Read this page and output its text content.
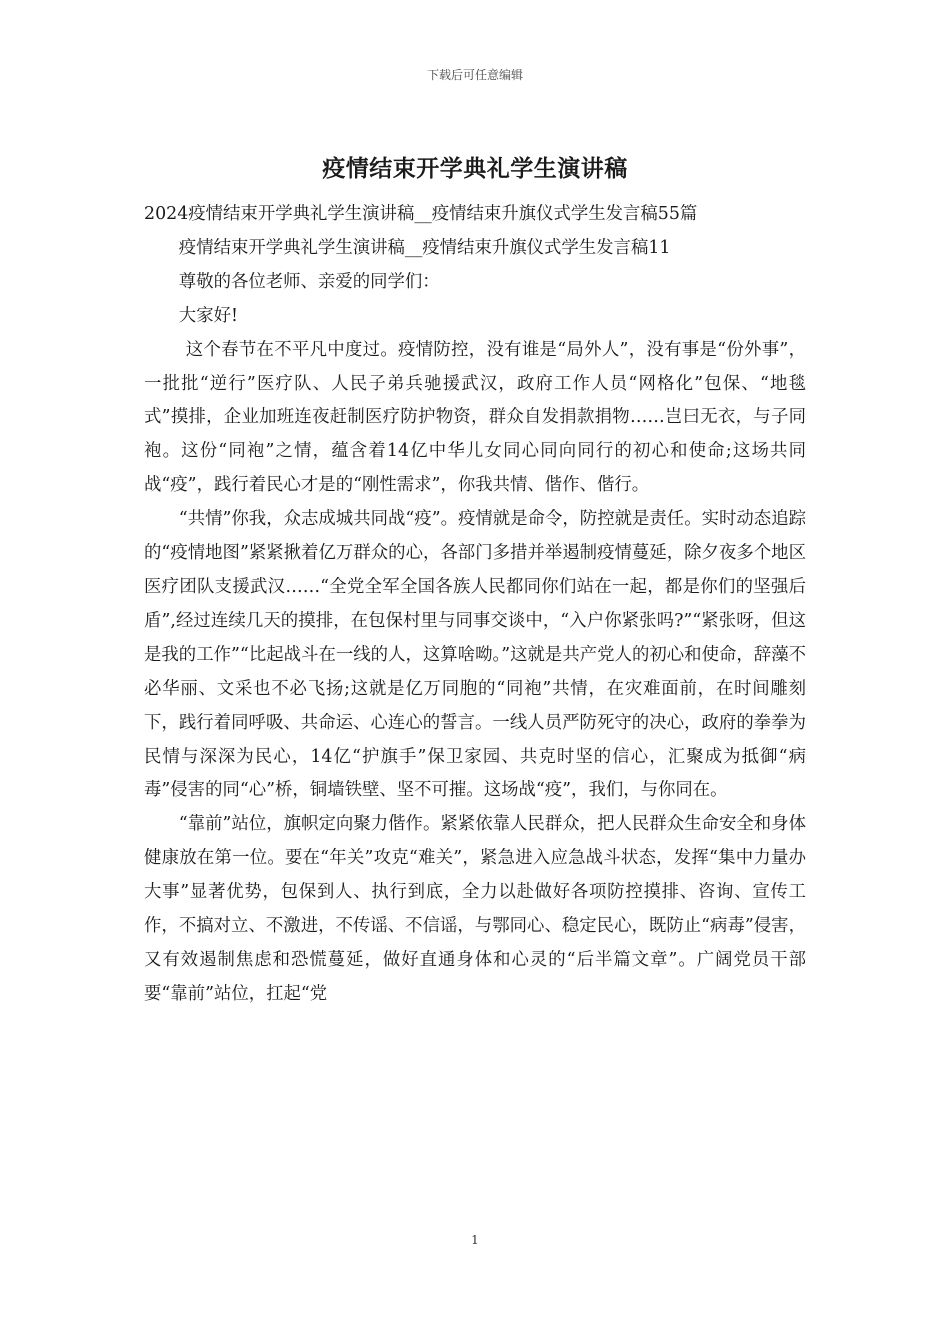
下载后可任意编辑
疫情结束开学典礼学生演讲稿

2024疫情结束开学典礼学生演讲稿__疫情结束升旗仪式学生发言稿55篇

疫情结束开学典礼学生演讲稿__疫情结束升旗仪式学生发言稿11

尊敬的各位老师、亲爱的同学们：

大家好!

这个春节在不平凡中度过。疫情防控，没有谁是“局外人”，没有事是“份外事”，一批批“逆行”医疗队、人民子弟兵驰援武汉，政府工作人员“网格化”包保、“地毯式”摸排，企业加班连夜赶制医疗防护物资，群众自发捐款捐物……岂曰无衣，与子同袍。这份“同袍”之情，蕴含着14亿中华儿女同心同向同行的初心和使命;这场共同战“疫”，践行着民心才是的“刚性需求”，你我共情、偕作、偕行。

“共情”你我，众志成城共同战“疫”。疫情就是命令，防控就是责任。实时动态追踪的“疫情地图”紧紧揪着亿万群众的心，各部门多措并举遏制疫情蔓延，除夕夜多个地区医疗团队支援武汉……“全党全军全国各族人民都同你们站在一起，都是你们的坚强后盾”,经过连续几天的摸排，在包保村里与同事交谈中，“入户你紧张吗?”“紧张呀，但这是我的工作”“比起战斗在一线的人，这算啥呦。”这就是共产党人的初心和使命，辞藻不必华丽、文采也不必飞扬;这就是亿万同胞的“同袍”共情，在灾难面前，在时间雕刻下，践行着同呼吸、共命运、心连心的誓言。一线人员严防死守的决心，政府的拳拳为民情与深深为民心，14亿“护旗手”保卫家园、共克时坚的信心，汇聚成为抵御“病毒”侵害的同“心”桥，铜墙铁壁、坚不可摧。这场战“疫”，我们，与你同在。

“靠前”站位，旗帜定向聚力偕作。紧紧依靠人民群众，把人民群众生命安全和身体健康放在第一位。要在“年关”攻克“难关”，紧急进入应急战斗状态，发挥“集中力量办大事”显著优势，包保到人、执行到底，全力以赴做好各项防控摸排、咨询、宣传工作，不搞对立、不激进，不传谣、不信谣，与鄂同心、稳定民心，既防止“病毒”侵害，又有效遏制焦虑和恐慌蔓延，做好直通身体和心灵的“后半篇文章”。广阔党员干部要“靠前”站位，扛起“党

1
